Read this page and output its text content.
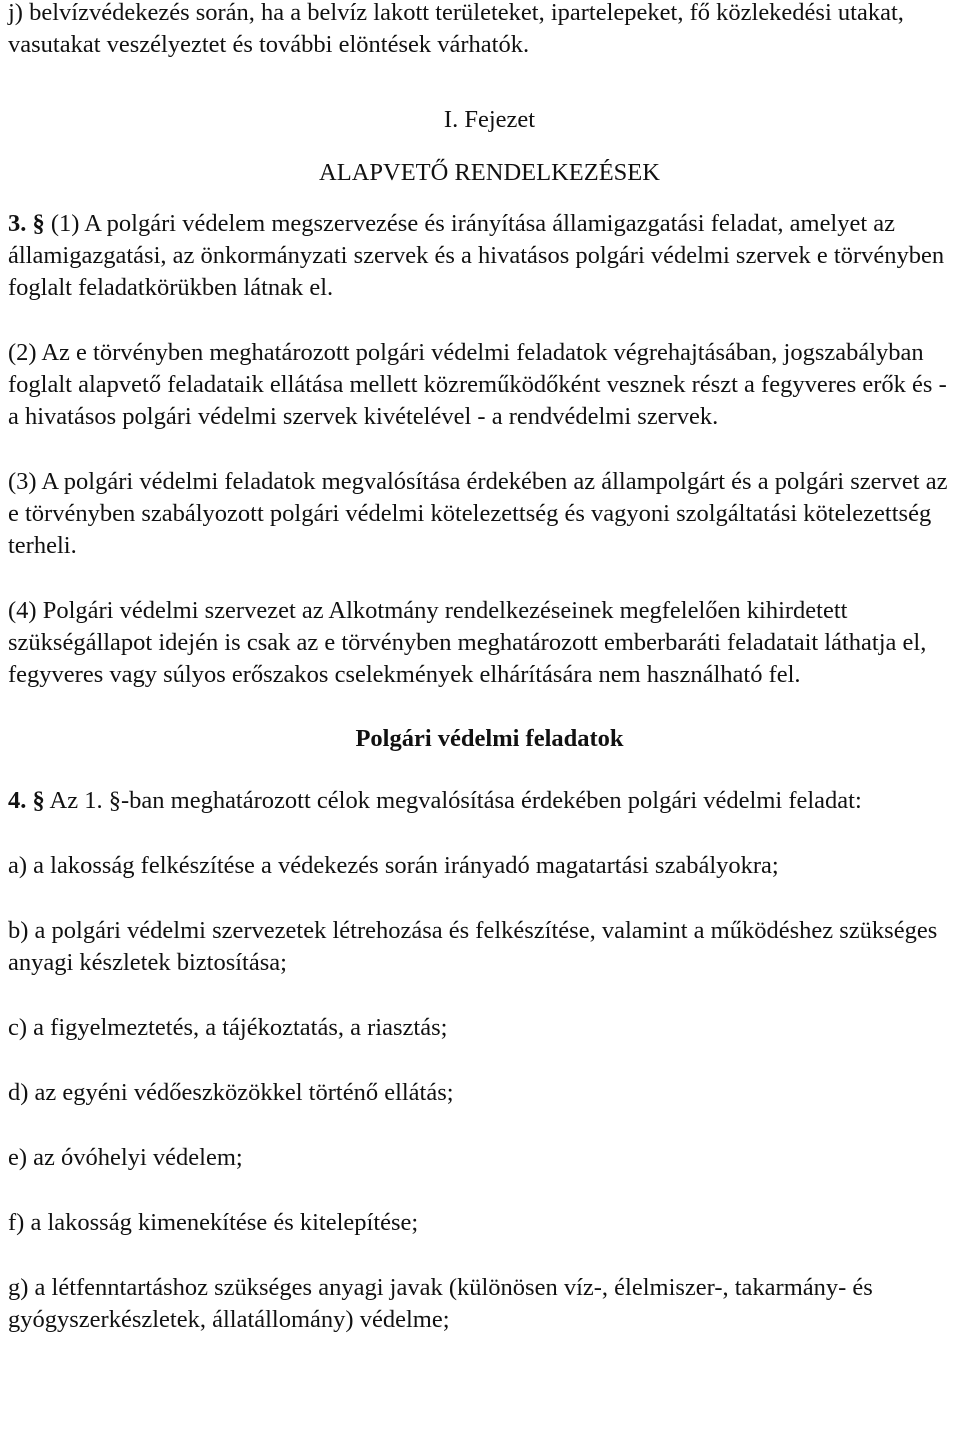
j) belvízvédekezés során, ha a belvíz lakott területeket, ipartelepeket, fő közlekedési utakat, vasutakat veszélyeztet és további elöntések várhatók.

I. Fejezet

ALAPVETŐ RENDELKEZÉSEK

3. § (1) A polgári védelem megszervezése és irányítása államigazgatási feladat, amelyet az államigazgatási, az önkormányzati szervek és a hivatásos polgári védelmi szervek e törvényben foglalt feladatkörükben látnak el.

(2) Az e törvényben meghatározott polgári védelmi feladatok végrehajtásában, jogszabályban foglalt alapvető feladataik ellátása mellett közreműködőként vesznek részt a fegyveres erők és - a hivatásos polgári védelmi szervek kivételével - a rendvédelmi szervek.

(3) A polgári védelmi feladatok megvalósítása érdekében az állampolgárt és a polgári szervet az e törvényben szabályozott polgári védelmi kötelezettség és vagyoni szolgáltatási kötelezettség terheli.

(4) Polgári védelmi szervezet az Alkotmány rendelkezéseinek megfelelően kihirdetett szükségállapot idején is csak az e törvényben meghatározott emberbaráti feladatait láthatja el, fegyveres vagy súlyos erőszakos cselekmények elhárítására nem használható fel.

Polgári védelmi feladatok

4. § Az 1. §-ban meghatározott célok megvalósítása érdekében polgári védelmi feladat:

a) a lakosság felkészítése a védekezés során irányadó magatartási szabályokra;

b) a polgári védelmi szervezetek létrehozása és felkészítése, valamint a működéshez szükséges anyagi készletek biztosítása;

c) a figyelmeztetés, a tájékoztatás, a riasztás;

d) az egyéni védőeszközökkel történő ellátás;

e) az óvóhelyi védelem;

f) a lakosság kimenekítése és kitelepítése;

g) a létfenntartáshoz szükséges anyagi javak (különösen víz-, élelmiszer-, takarmány- és gyógyszerkészletek, állatállomány) védelme;
